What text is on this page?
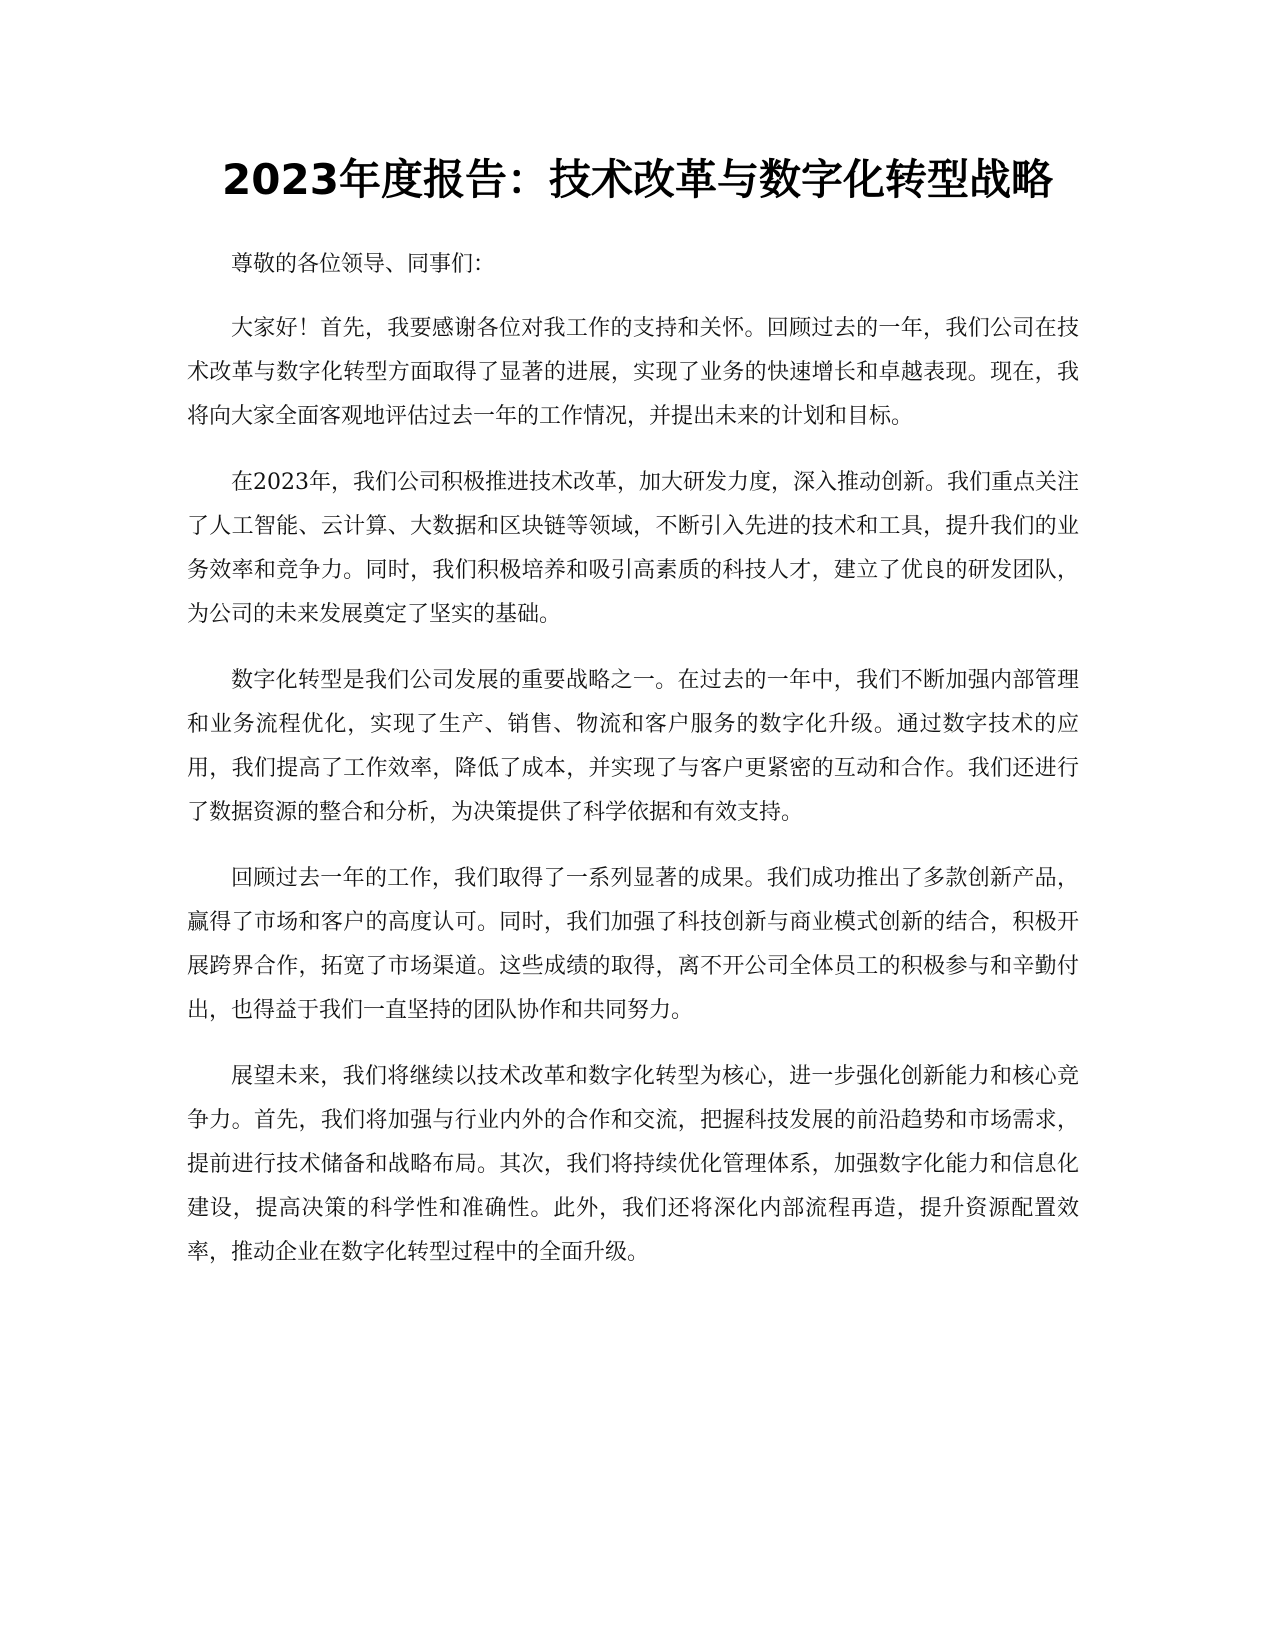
2023年度报告：技术改革与数字化转型战略

尊敬的各位领导、同事们：

大家好！首先，我要感谢各位对我工作的支持和关怀。回顾过去的一年，我们公司在技术改革与数字化转型方面取得了显著的进展，实现了业务的快速增长和卓越表现。现在，我将向大家全面客观地评估过去一年的工作情况，并提出未来的计划和目标。

在2023年，我们公司积极推进技术改革，加大研发力度，深入推动创新。我们重点关注了人工智能、云计算、大数据和区块链等领域，不断引入先进的技术和工具，提升我们的业务效率和竞争力。同时，我们积极培养和吸引高素质的科技人才，建立了优良的研发团队，为公司的未来发展奠定了坚实的基础。

数字化转型是我们公司发展的重要战略之一。在过去的一年中，我们不断加强内部管理和业务流程优化，实现了生产、销售、物流和客户服务的数字化升级。通过数字技术的应用，我们提高了工作效率，降低了成本，并实现了与客户更紧密的互动和合作。我们还进行了数据资源的整合和分析，为决策提供了科学依据和有效支持。

回顾过去一年的工作，我们取得了一系列显著的成果。我们成功推出了多款创新产品，赢得了市场和客户的高度认可。同时，我们加强了科技创新与商业模式创新的结合，积极开展跨界合作，拓宽了市场渠道。这些成绩的取得，离不开公司全体员工的积极参与和辛勤付出，也得益于我们一直坚持的团队协作和共同努力。

展望未来，我们将继续以技术改革和数字化转型为核心，进一步强化创新能力和核心竞争力。首先，我们将加强与行业内外的合作和交流，把握科技发展的前沿趋势和市场需求，提前进行技术储备和战略布局。其次，我们将持续优化管理体系，加强数字化能力和信息化建设，提高决策的科学性和准确性。此外，我们还将深化内部流程再造，提升资源配置效率，推动企业在数字化转型过程中的全面升级。
